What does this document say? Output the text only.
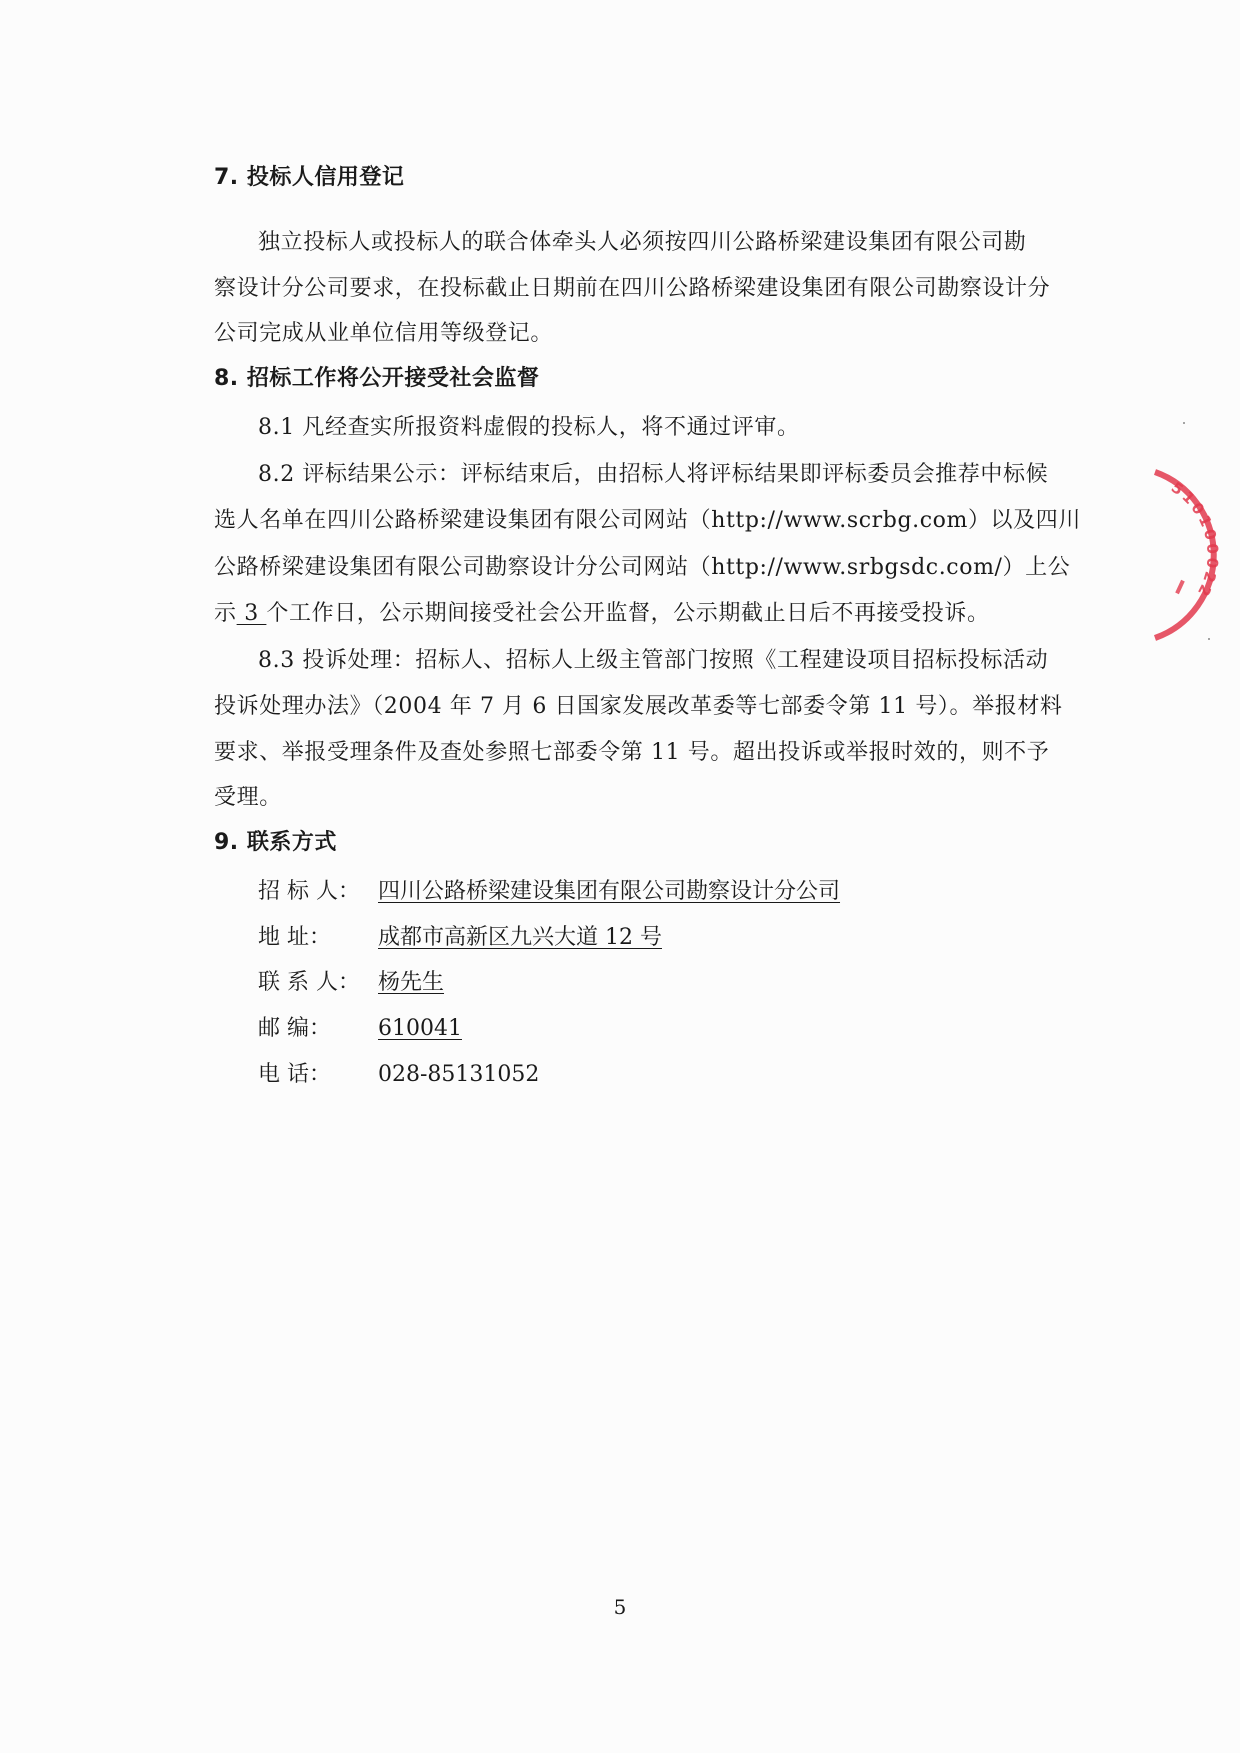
7. 投标人信用登记
独立投标人或投标人的联合体牵头人必须按四川公路桥梁建设集团有限公司勘
察设计分公司要求，在投标截止日期前在四川公路桥梁建设集团有限公司勘察设计分
公司完成从业单位信用等级登记。
8. 招标工作将公开接受社会监督
8.1 凡经查实所报资料虚假的投标人，将不通过评审。
8.2 评标结果公示：评标结束后，由招标人将评标结果即评标委员会推荐中标候
选人名单在四川公路桥梁建设集团有限公司网站（http://www.scrbg.com）以及四川
公路桥梁建设集团有限公司勘察设计分公司网站（http://www.srbgsdc.com/）上公
示 3 个工作日，公示期间接受社会公开监督，公示期截止日后不再接受投诉。
8.3 投诉处理：招标人、招标人上级主管部门按照《工程建设项目招标投标活动
投诉处理办法》（2004 年 7 月 6 日国家发展改革委等七部委令第 11 号）。举报材料
要求、举报受理条件及查处参照七部委令第 11 号。超出投诉或举报时效的，则不予
受理。
9. 联系方式
招 标 人： 四川公路桥梁建设集团有限公司勘察设计分公司
地 址： 成都市高新区九兴大道 12 号
联 系 人： 杨先生
邮 编： 610041
电 话： 028-85131052
5
510100022
